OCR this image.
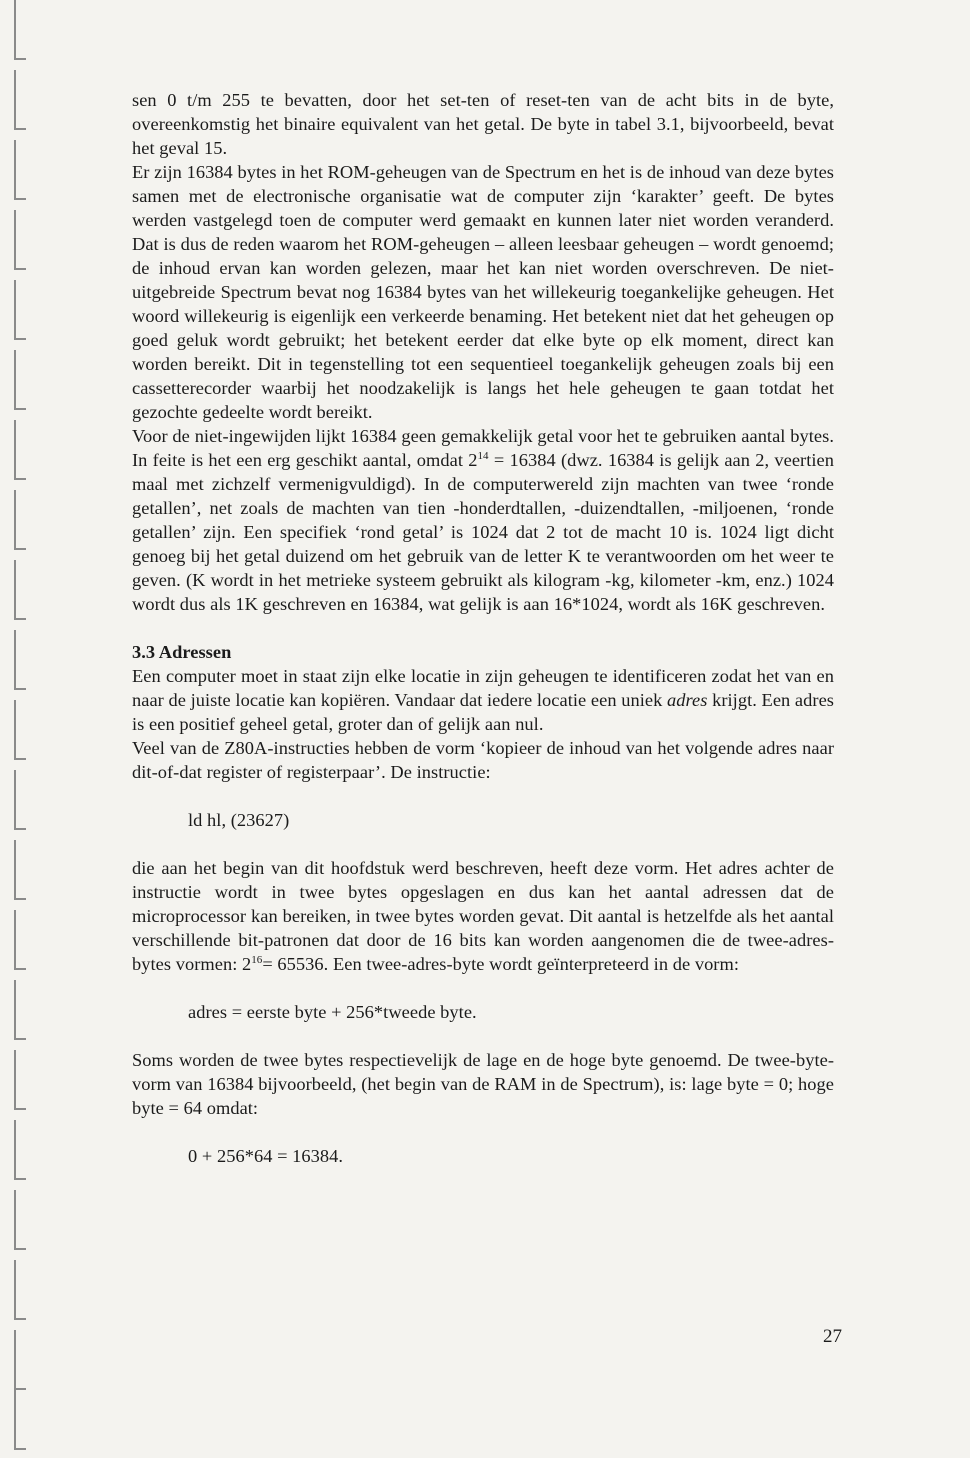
sen 0 t/m 255 te bevatten, door het set-ten of reset-ten van de acht bits in de byte, overeenkomstig het binaire equivalent van het getal. De byte in tabel 3.1, bijvoorbeeld, bevat het geval 15.

Er zijn 16384 bytes in het ROM-geheugen van de Spectrum en het is de inhoud van deze bytes samen met de electronische organisatie wat de computer zijn ‘karakter’ geeft. De bytes werden vastgelegd toen de computer werd gemaakt en kunnen later niet worden veranderd. Dat is dus de reden waarom het ROM-geheugen – alleen leesbaar geheugen – wordt genoemd; de inhoud ervan kan worden gelezen, maar het kan niet worden overschreven. De niet-uitgebreide Spectrum bevat nog 16384 bytes van het willekeurig toegankelijke geheugen. Het woord willekeurig is eigenlijk een verkeerde benaming. Het betekent niet dat het geheugen op goed geluk wordt gebruikt; het betekent eerder dat elke byte op elk moment, direct kan worden bereikt. Dit in tegenstelling tot een sequentieel toegankelijk geheugen zoals bij een cassetterecorder waarbij het noodzakelijk is langs het hele geheugen te gaan totdat het gezochte gedeelte wordt bereikt.

Voor de niet-ingewijden lijkt 16384 geen gemakkelijk getal voor het te gebruiken aantal bytes. In feite is het een erg geschikt aantal, omdat $2^{14} = 16384$ (dwz. 16384 is gelijk aan 2, veertien maal met zichzelf vermenigvuldigd). In de computerwereld zijn machten van twee ‘ronde getallen’, net zoals de machten van tien -honderdtallen, -duizendtallen, -miljoenen, ‘ronde getallen’ zijn. Een specifiek ‘rond getal’ is 1024 dat 2 tot de macht 10 is. 1024 ligt dicht genoeg bij het getal duizend om het gebruik van de letter K te verantwoorden om het weer te geven. (K wordt in het metrieke systeem gebruikt als kilogram -kg, kilometer -km, enz.) 1024 wordt dus als 1K geschreven en 16384, wat gelijk is aan 16*1024, wordt als 16K geschreven.

3.3 Adressen

Een computer moet in staat zijn elke locatie in zijn geheugen te identificeren zodat het van en naar de juiste locatie kan kopiëren. Vandaar dat iedere locatie een uniek adres krijgt. Een adres is een positief geheel getal, groter dan of gelijk aan nul.

Veel van de Z80A-instructies hebben de vorm ‘kopieer de inhoud van het volgende adres naar dit-of-dat register of registerpaar’. De instructie:

ld hl, (23627)

die aan het begin van dit hoofdstuk werd beschreven, heeft deze vorm. Het adres achter de instructie wordt in twee bytes opgeslagen en dus kan het aantal adressen dat de microprocessor kan bereiken, in twee bytes worden gevat. Dit aantal is hetzelfde als het aantal verschillende bit-patronen dat door de 16 bits kan worden aangenomen die de twee-adres-bytes vormen: $2^{16}= 65536$. Een twee-adres-byte wordt geïnterpreteerd in de vorm:

adres = eerste byte + 256*tweede byte.

Soms worden de twee bytes respectievelijk de lage en de hoge byte genoemd. De twee-byte-vorm van 16384 bijvoorbeeld, (het begin van de RAM in de Spectrum), is: lage byte = 0; hoge byte = 64 omdat:

0 + 256*64 = 16384.

27
